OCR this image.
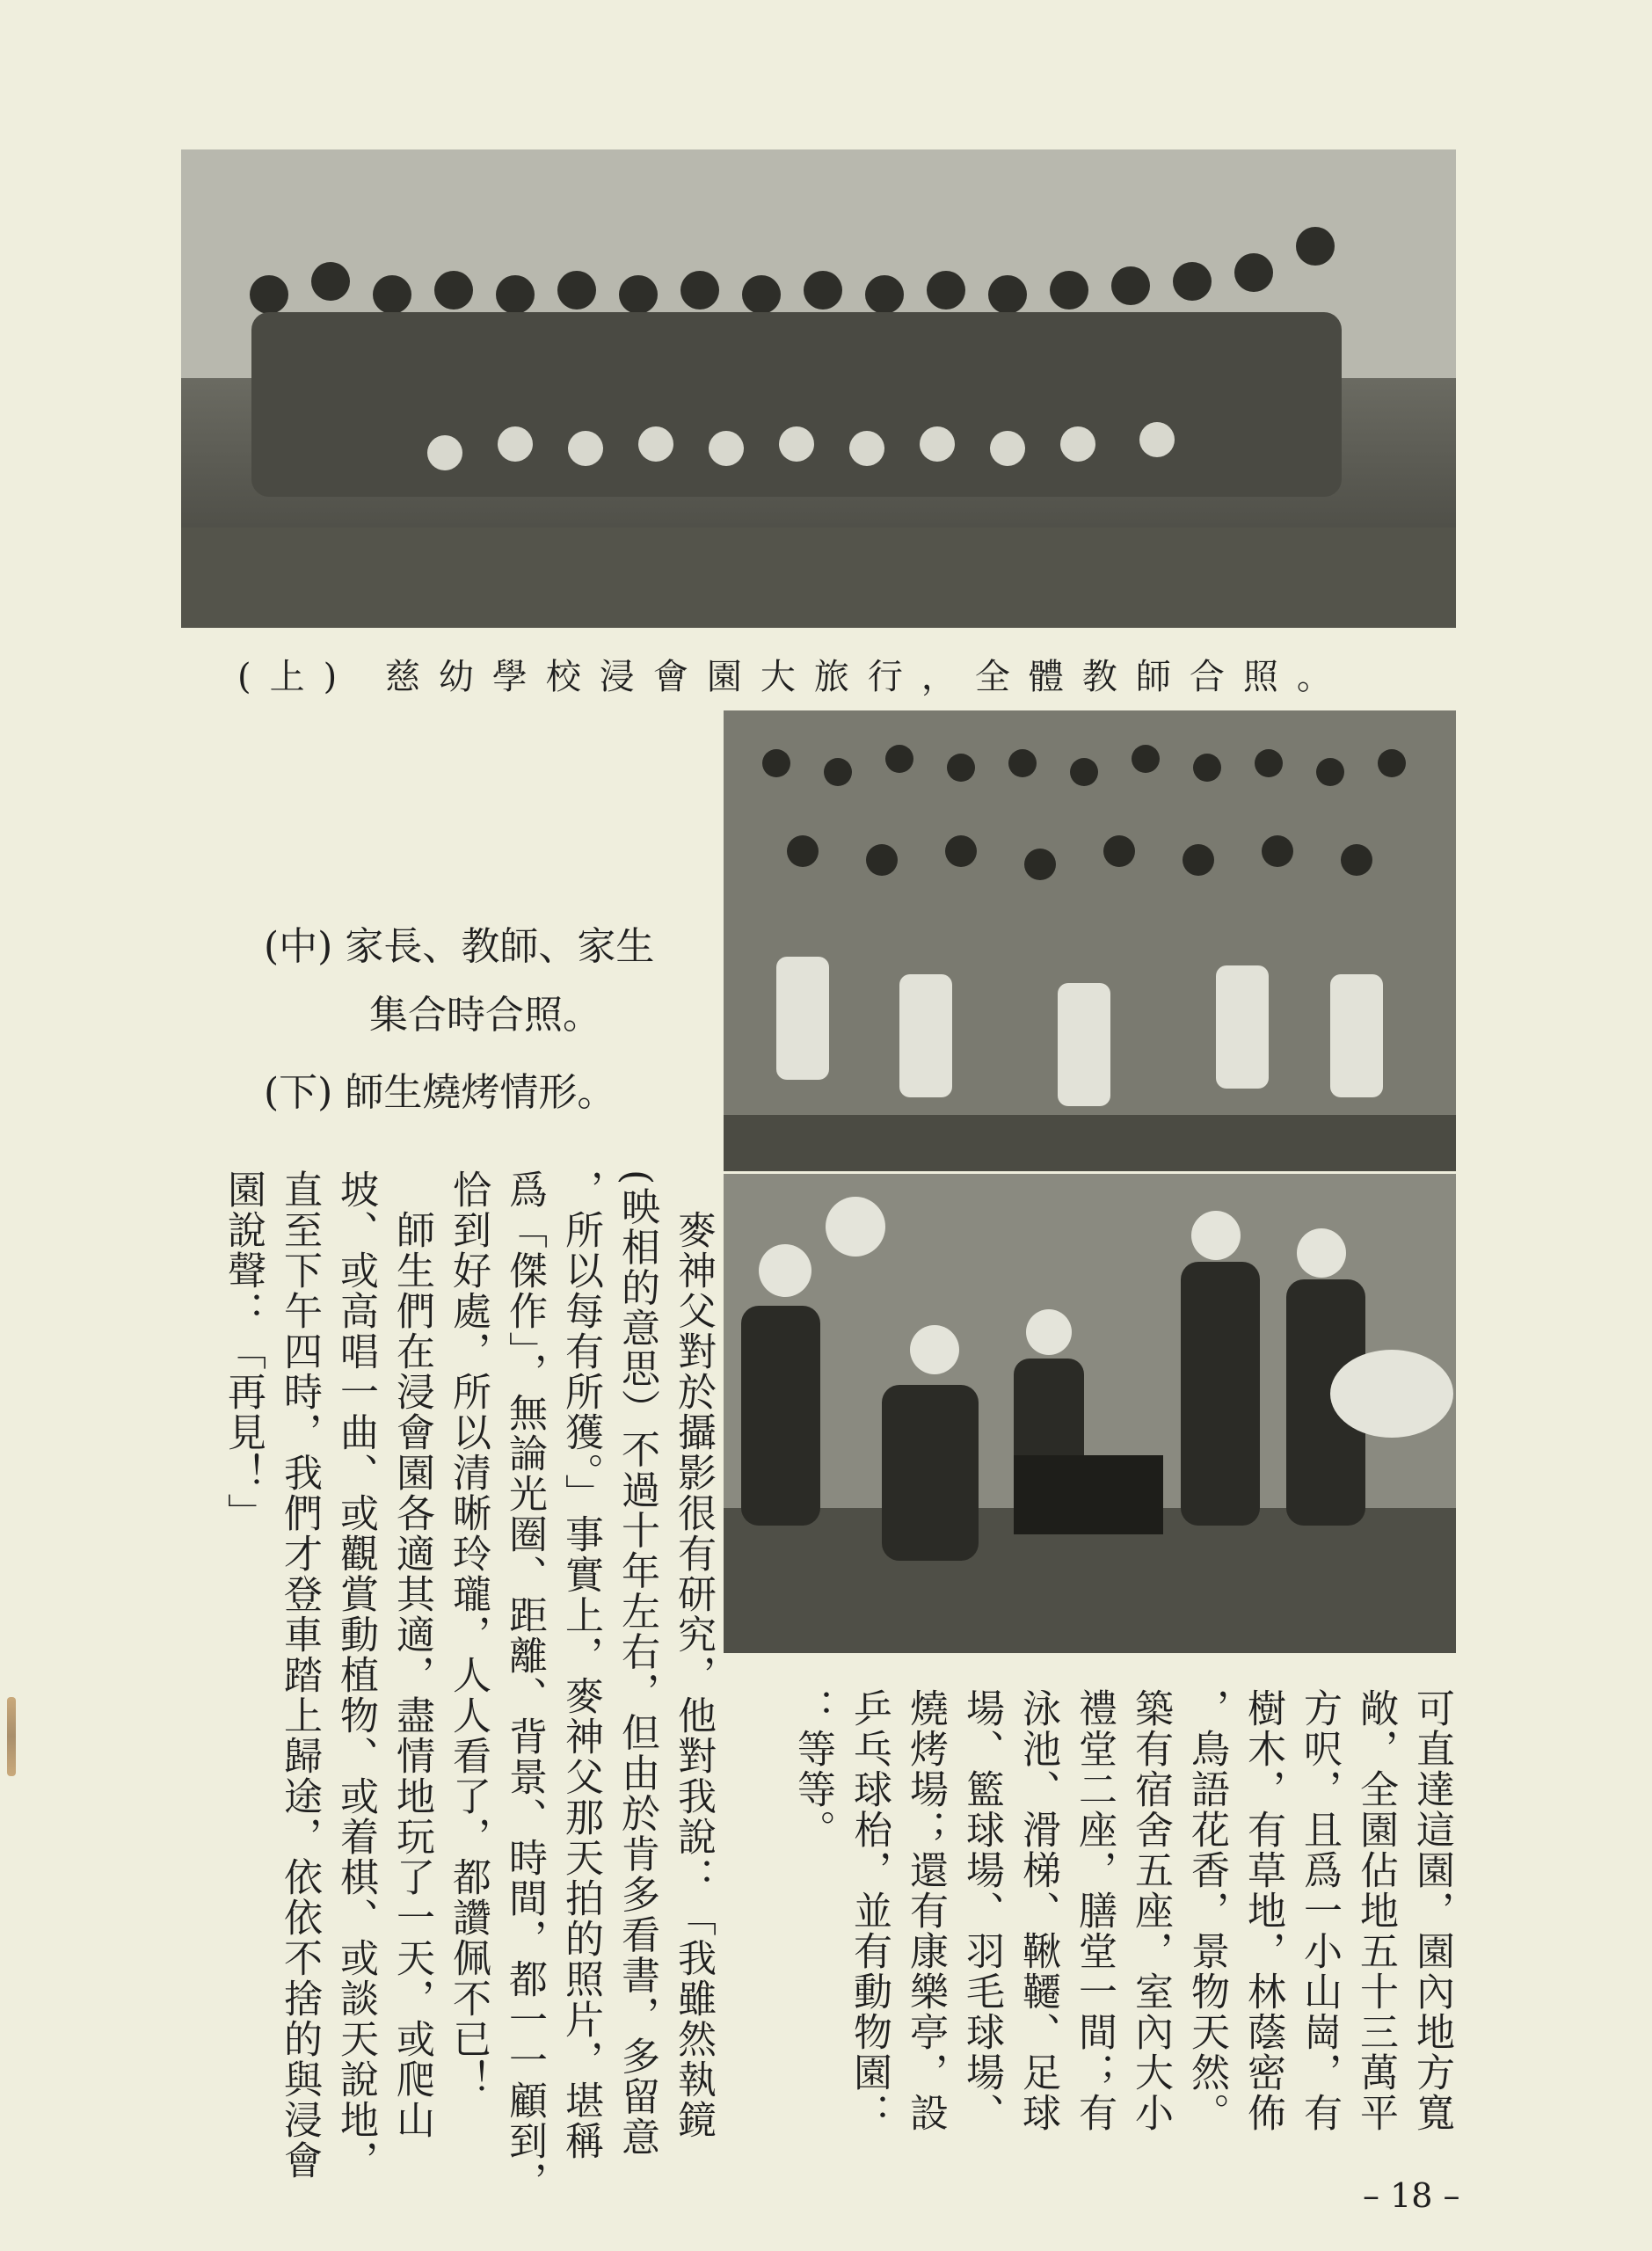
(上) 慈幼學校浸會園大旅行，全體教師合照。
(中) 家長、教師、家生
集合時合照。
(下) 師生燒烤情形。
可直達這園，園內地方寬
敞，全園佔地五十三萬平
方呎，且爲一小山崗，有
樹木，有草地，林蔭密佈
，鳥語花香，景物天然。
築有宿舍五座，室內大小
禮堂二座，膳堂一間；有
泳池、滑梯、鞦韆、足球
場、籃球場、羽毛球場、
燒烤場；還有康樂亭，設
乒乓球枱，並有動物園：
：等等。
　麥神父對於攝影很有研究，他對我說：「我雖然執鏡
(映相的意思）不過十年左右，但由於肯多看書，多留意
，所以每有所獲。」事實上，麥神父那天拍的照片，堪稱
爲「傑作」，無論光圈、距離、背景、時間，都一一顧到，
恰到好處，所以清晰玲瓏，人人看了，都讚佩不已！
　師生們在浸會園各適其適，盡情地玩了一天，或爬山
坡、或高唱一曲、或觀賞動植物、或着棋、或談天說地，
直至下午四時，我們才登車踏上歸途，依依不捨的與浸會
園說聲：「再見！」
– 18 –
